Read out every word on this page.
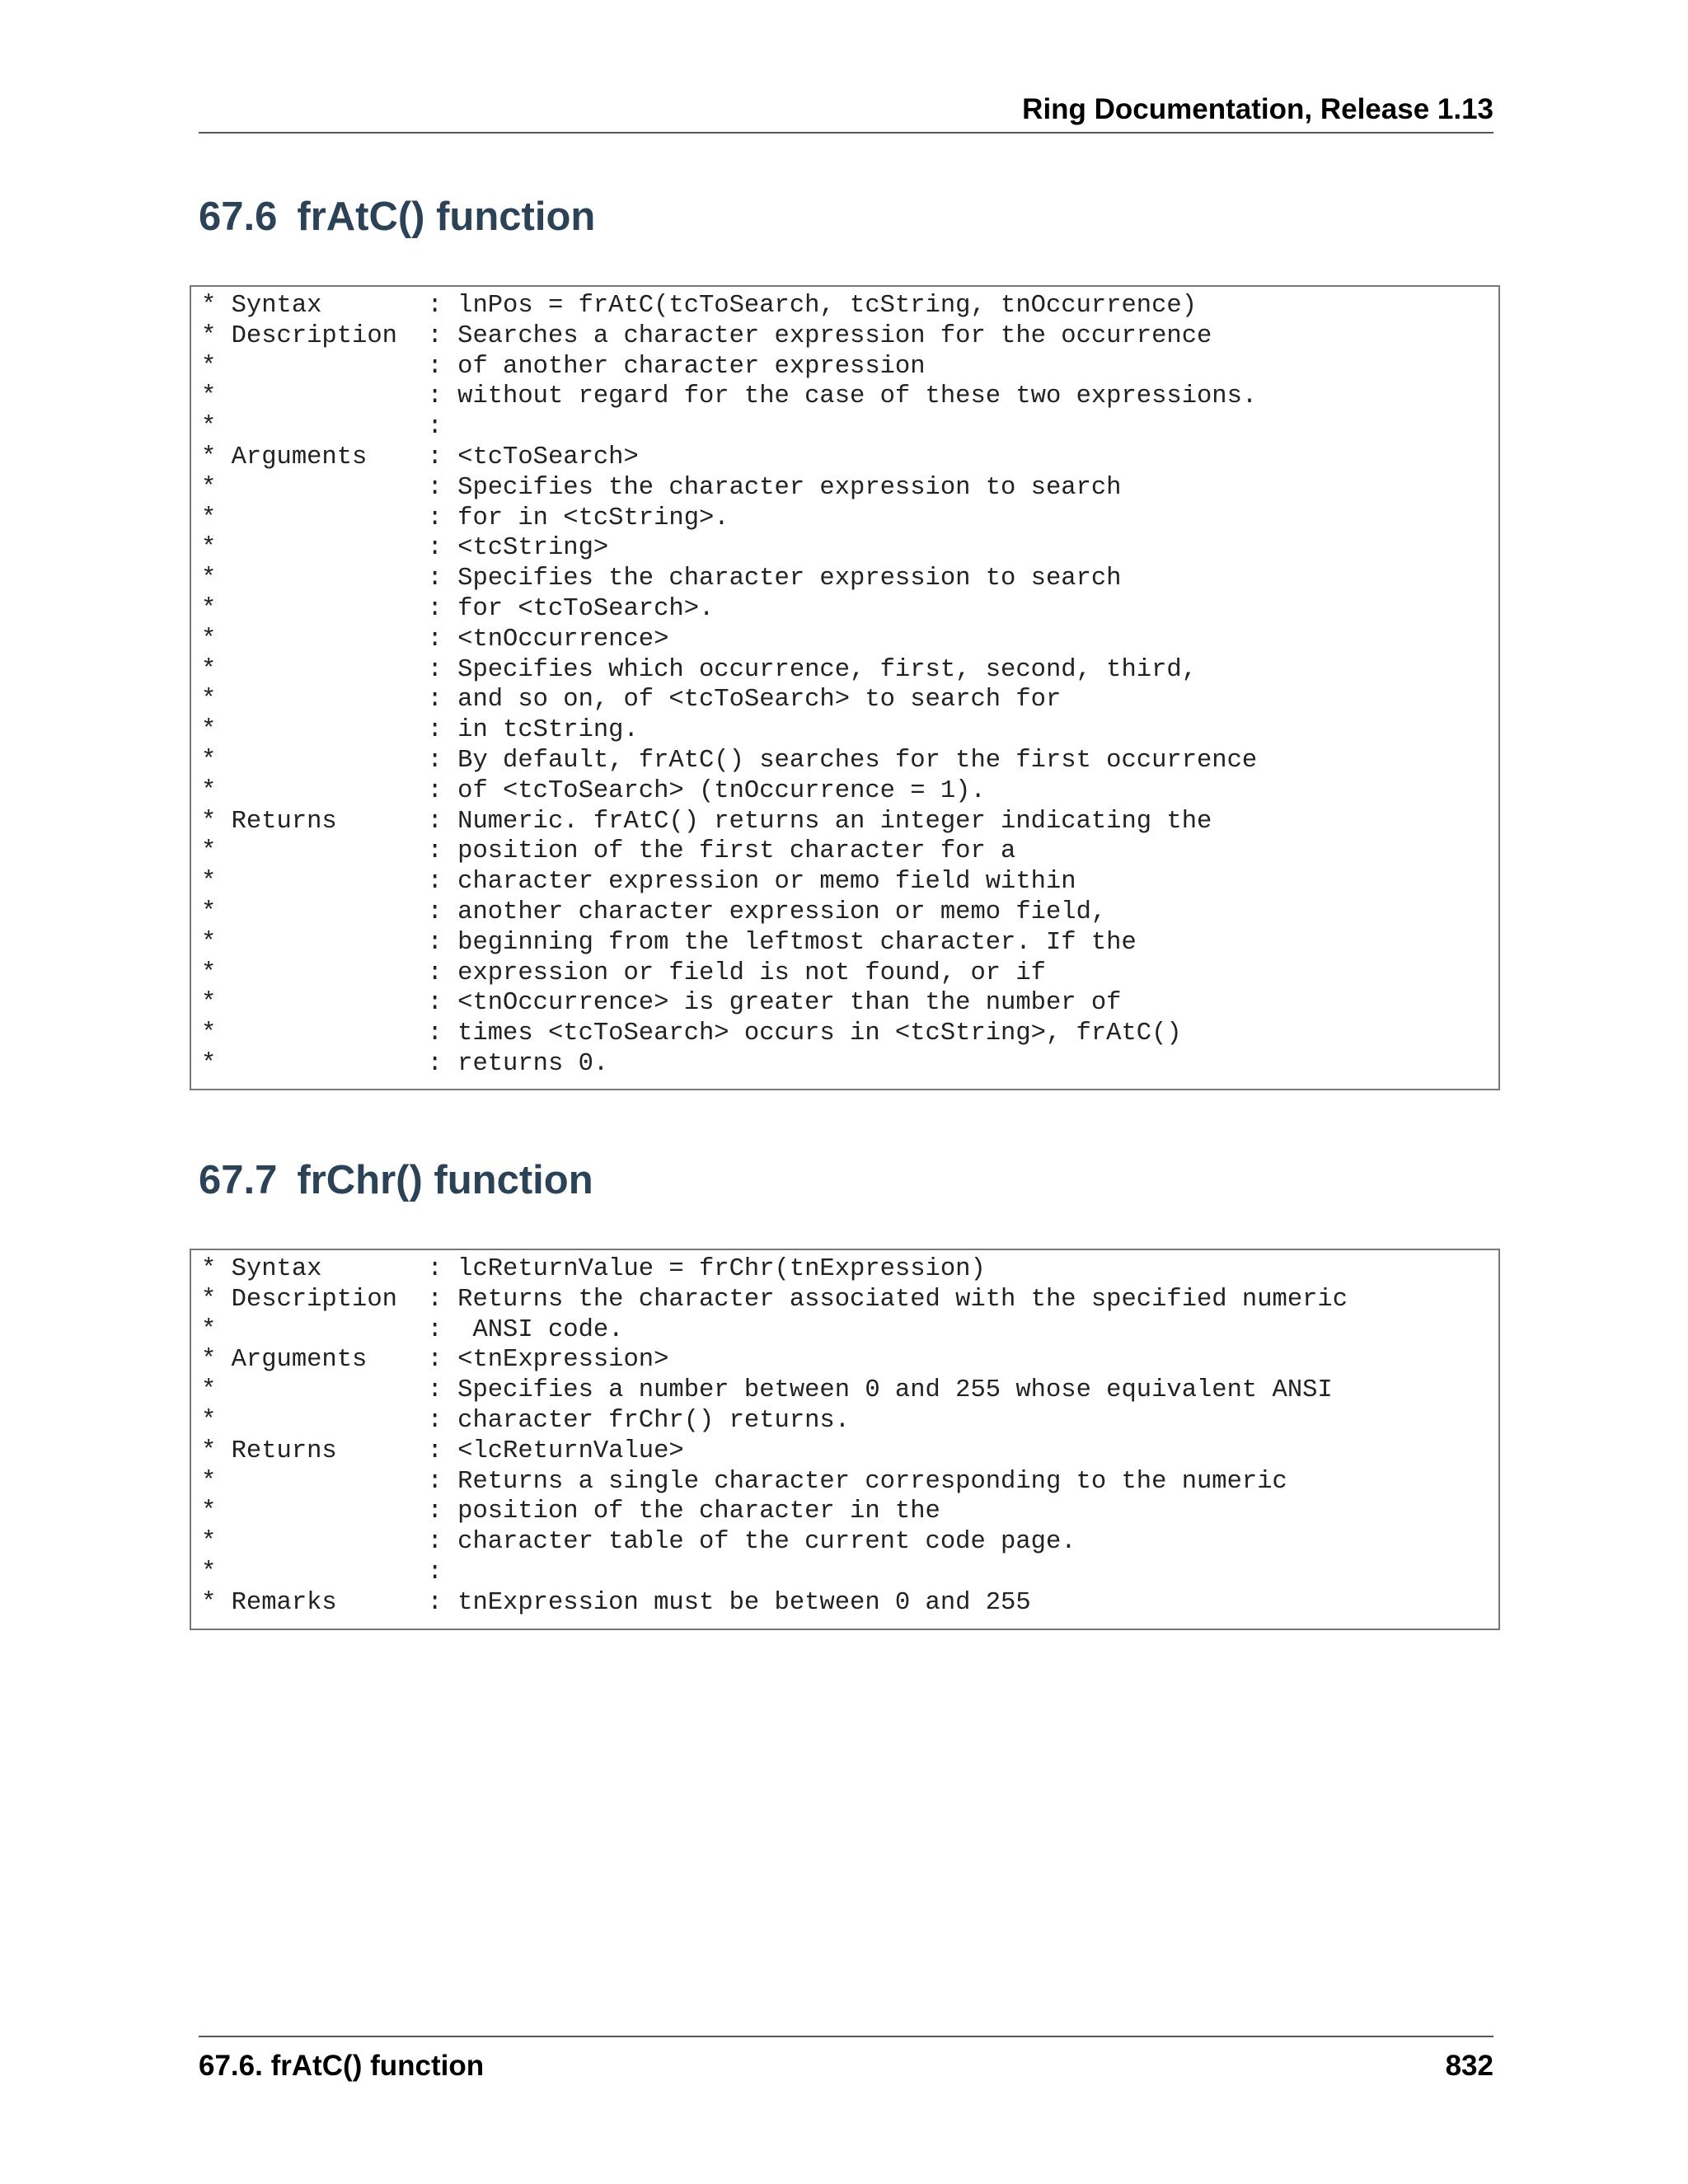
Ring Documentation, Release 1.13
67.6 frAtC() function
* Syntax       : lnPos = frAtC(tcToSearch, tcString, tnOccurrence)
* Description  : Searches a character expression for the occurrence
*              : of another character expression
*              : without regard for the case of these two expressions.
*              :
* Arguments    : <tcToSearch>
*              : Specifies the character expression to search
*              : for in <tcString>.
*              : <tcString>
*              : Specifies the character expression to search
*              : for <tcToSearch>.
*              : <tnOccurrence>
*              : Specifies which occurrence, first, second, third,
*              : and so on, of <tcToSearch> to search for
*              : in tcString.
*              : By default, frAtC() searches for the first occurrence
*              : of <tcToSearch> (tnOccurrence = 1).
* Returns      : Numeric. frAtC() returns an integer indicating the
*              : position of the first character for a
*              : character expression or memo field within
*              : another character expression or memo field,
*              : beginning from the leftmost character. If the
*              : expression or field is not found, or if
*              : <tnOccurrence> is greater than the number of
*              : times <tcToSearch> occurs in <tcString>, frAtC()
*              : returns 0.
67.7 frChr() function
* Syntax       : lcReturnValue = frChr(tnExpression)
* Description  : Returns the character associated with the specified numeric
*              :  ANSI code.
* Arguments    : <tnExpression>
*              : Specifies a number between 0 and 255 whose equivalent ANSI
*              : character frChr() returns.
* Returns      : <lcReturnValue>
*              : Returns a single character corresponding to the numeric
*              : position of the character in the
*              : character table of the current code page.
*              :
* Remarks      : tnExpression must be between 0 and 255
67.6. frAtC() function	832
